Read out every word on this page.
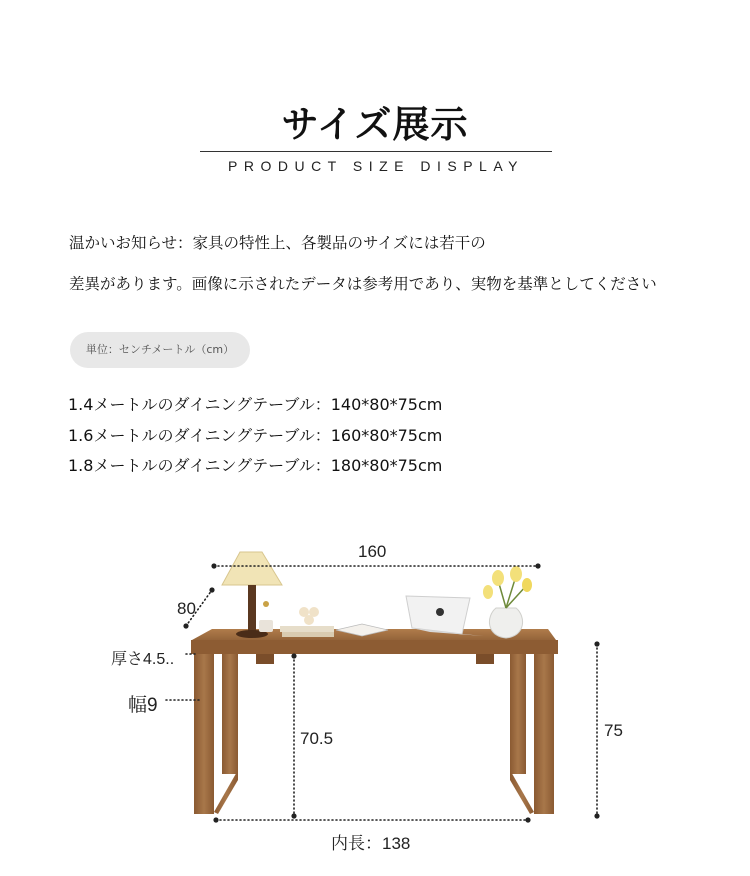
サイズ展示
PRODUCT SIZE DISPLAY
温かいお知らせ：家具の特性上、各製品のサイズには若干の
差異があります。画像に示されたデータは参考用であり、実物を基準としてください
単位：センチメートル（cm）
1.4メートルのダイニングテーブル：140*80*75cm
1.6メートルのダイニングテーブル：160*80*75cm
1.8メートルのダイニングテーブル：180*80*75cm
160
80
厚さ4.5..
幅9
70.5	75
内長：138
